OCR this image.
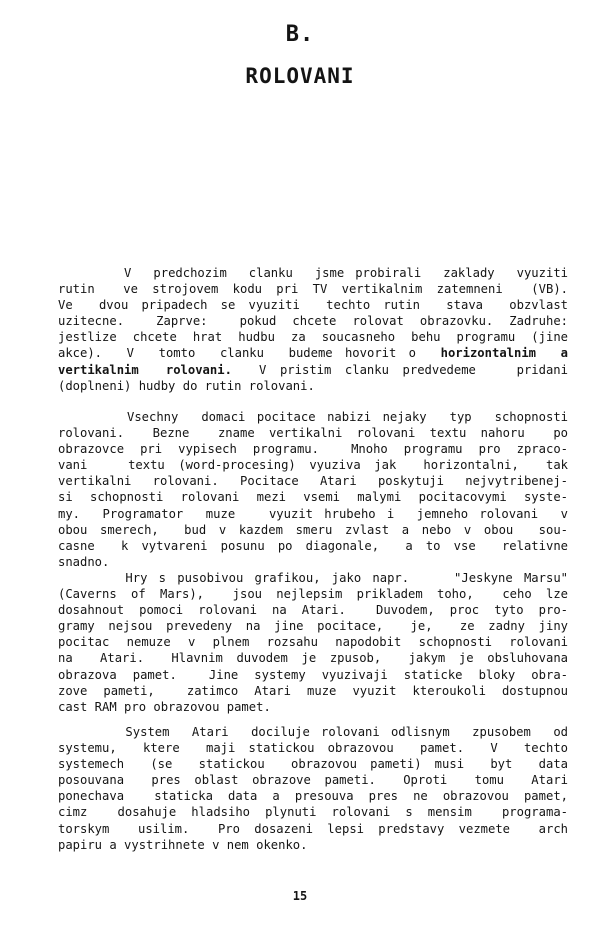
B.
ROLOVANI
V  predchozim  clanku  jsme probirali  zaklady  vyuziti
rutin  ve strojovem kodu pri TV vertikalnim zatemneni  (VB).
Ve  dvou pripadech se vyuziti  techto rutin  stava  obzvlast
uzitecne.  Zaprve:  pokud chcete rolovat obrazovku. Zadruhe:
jestlize chcete hrat hudbu za soucasneho behu programu (jine
akce).  V  tomto  clanku  budeme hovorit o  horizontalnim  a
vertikalnim  rolovani.  V pristim clanku predvedeme   pridani
(doplneni) hudby do rutin rolovani.
Vsechny  domaci pocitace nabizi nejaky  typ  schopnosti
rolovani.  Bezne  zname vertikalni rolovani textu nahoru  po
obrazovce pri vypisech programu.  Mnoho programu pro zpraco-
vani   textu (word-procesing) vyuziva jak  horizontalni,  tak
vertikalni rolovani. Pocitace Atari poskytuji nejvytribenej-
si schopnosti rolovani mezi vsemi malymi pocitacovymi syste-
my.  Programator  muze   vyuzit hrubeho i  jemneho rolovani  v
obou smerech,  bud v kazdem smeru zvlast a nebo v obou  sou-
casne  k vytvareni posunu po diagonale,  a to vse  relativne
snadno.
Hry s pusobivou grafikou, jako napr.    "Jeskyne Marsu"
(Caverns of Mars),  jsou nejlepsim prikladem toho,  ceho lze
dosahnout pomoci rolovani na Atari.  Duvodem, proc tyto pro-
gramy nejsou prevedeny na jine pocitace,  je,  ze zadny jiny
pocitac nemuze v plnem rozsahu napodobit schopnosti rolovani
na  Atari.  Hlavnim duvodem je zpusob,  jakym je obsluhovana
obrazova pamet.  Jine systemy vyuzivaji staticke bloky obra-
zove pameti,  zatimco Atari muze vyuzit kteroukoli dostupnou
cast RAM pro obrazovou pamet.
System  Atari  dociluje rolovani odlisnym  zpusobem  od
systemu,  ktere  maji statickou obrazovou  pamet.  V  techto
systemech  (se  statickou  obrazovou pameti) musi  byt  data
posouvana  pres oblast obrazove pameti.  Oproti  tomu  Atari
ponechava  staticka data a presouva pres ne obrazovou pamet,
cimz  dosahuje hladsiho plynuti rolovani s mensim  programa-
torskym  usilim.  Pro dosazeni lepsi predstavy vezmete  arch
papiru a vystrihnete v nem okenko.
15
